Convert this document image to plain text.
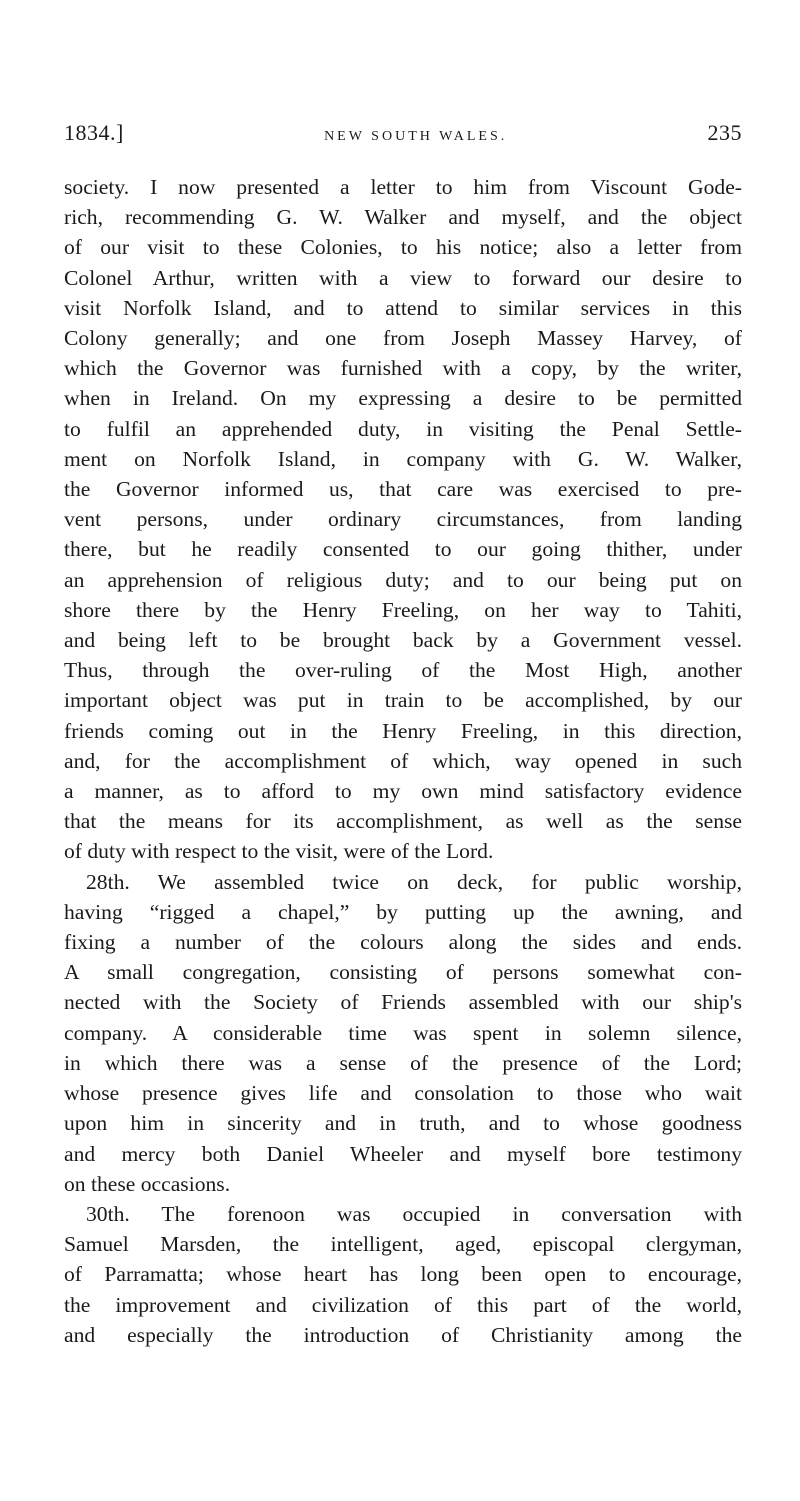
1834.]	NEW SOUTH WALES.	235
society. I now presented a letter to him from Viscount Gode-
rich, recommending G. W. Walker and myself, and the object
of our visit to these Colonies, to his notice; also a letter from
Colonel Arthur, written with a view to forward our desire to
visit Norfolk Island, and to attend to similar services in this
Colony generally; and one from Joseph Massey Harvey, of
which the Governor was furnished with a copy, by the writer,
when in Ireland. On my expressing a desire to be permitted
to fulfil an apprehended duty, in visiting the Penal Settle-
ment on Norfolk Island, in company with G. W. Walker,
the Governor informed us, that care was exercised to pre-
vent persons, under ordinary circumstances, from landing
there, but he readily consented to our going thither, under
an apprehension of religious duty; and to our being put on
shore there by the Henry Freeling, on her way to Tahiti,
and being left to be brought back by a Government vessel.
Thus, through the over-ruling of the Most High, another
important object was put in train to be accomplished, by our
friends coming out in the Henry Freeling, in this direction,
and, for the accomplishment of which, way opened in such
a manner, as to afford to my own mind satisfactory evidence
that the means for its accomplishment, as well as the sense
of duty with respect to the visit, were of the Lord.
28th. We assembled twice on deck, for public worship,
having “rigged a chapel,” by putting up the awning, and
fixing a number of the colours along the sides and ends.
A small congregation, consisting of persons somewhat con-
nected with the Society of Friends assembled with our ship's
company. A considerable time was spent in solemn silence,
in which there was a sense of the presence of the Lord;
whose presence gives life and consolation to those who wait
upon him in sincerity and in truth, and to whose goodness
and mercy both Daniel Wheeler and myself bore testimony
on these occasions.
30th. The forenoon was occupied in conversation with
Samuel Marsden, the intelligent, aged, episcopal clergyman,
of Parramatta; whose heart has long been open to encourage,
the improvement and civilization of this part of the world,
and especially the introduction of Christianity among the
